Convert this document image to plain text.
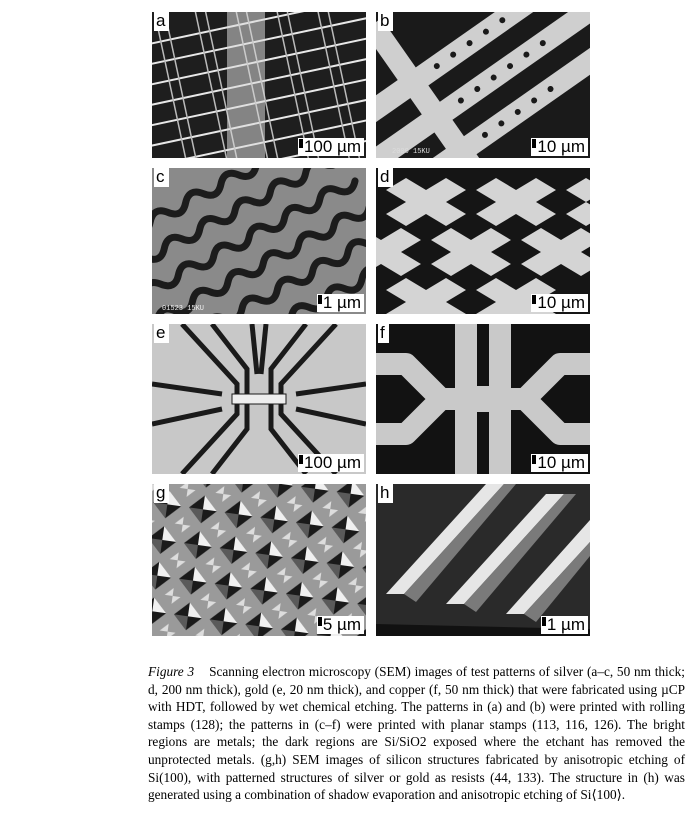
a
100 µm	2000 15KU
b
10 µm
01523 15KU
c
1 µm
d
10 µm
e
100 µm
f
10 µm
g
5 µm
h
1 µm
Figure 3 Scanning electron microscopy (SEM) images of test patterns of silver (a–c, 50 nm thick; d, 200 nm thick), gold (e, 20 nm thick), and copper (f, 50 nm thick) that were fabricated using µCP with HDT, followed by wet chemical etching. The patterns in (a) and (b) were printed with rolling stamps (128); the patterns in (c–f) were printed with planar stamps (113, 116, 126). The bright regions are metals; the dark regions are Si/SiO2 exposed where the etchant has removed the unprotected metals. (g,h) SEM images of silicon structures fabricated by anisotropic etching of Si(100), with patterned structures of silver or gold as resists (44, 133). The structure in (h) was generated using a combination of shadow evaporation and anisotropic etching of Si⟨100⟩.
